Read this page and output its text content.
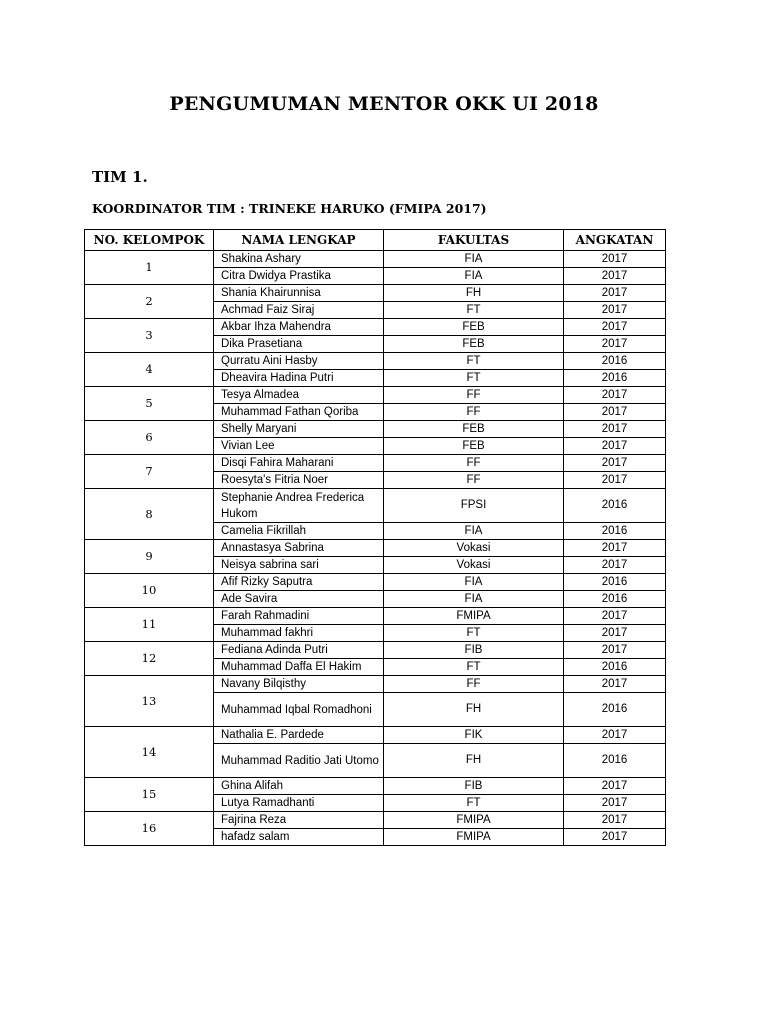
PENGUMUMAN MENTOR OKK UI 2018
TIM 1.
KOORDINATOR TIM : TRINEKE HARUKO (FMIPA 2017)
NO. KELOMPOK	NAMA LENGKAP	FAKULTAS	ANGKATAN
1	Shakina Ashary	FIA	2017
	Citra Dwidya Prastika	FIA	2017
2	Shania Khairunnisa	FH	2017
	Achmad Faiz Siraj	FT	2017
3	Akbar Ihza Mahendra	FEB	2017
	Dika Prasetiana	FEB	2017
4	Qurratu Aini Hasby	FT	2016
	Dheavira Hadina Putri	FT	2016
5	Tesya Almadea	FF	2017
	Muhammad Fathan Qoriba	FF	2017
6	Shelly Maryani	FEB	2017
	Vivian Lee	FEB	2017
7	Disqi Fahira Maharani	FF	2017
	Roesyta's Fitria Noer	FF	2017
8	Stephanie Andrea Frederica Hukom	FPSI	2016
	Camelia Fikrillah	FIA	2016
9	Annastasya Sabrina	Vokasi	2017
	Neisya sabrina sari	Vokasi	2017
10	Afif Rizky Saputra	FIA	2016
	Ade Savira	FIA	2016
11	Farah Rahmadini	FMIPA	2017
	Muhammad fakhri	FT	2017
12	Fediana Adinda Putri	FIB	2017
	Muhammad Daffa El Hakim	FT	2016
13	Navany Bilqisthy	FF	2017
	Muhammad Iqbal Romadhoni	FH	2016
14	Nathalia E. Pardede	FIK	2017
	Muhammad Raditio Jati Utomo	FH	2016
15	Ghina Alifah	FIB	2017
	Lutya Ramadhanti	FT	2017
16	Fajrina Reza	FMIPA	2017
	hafadz salam	FMIPA	2017
